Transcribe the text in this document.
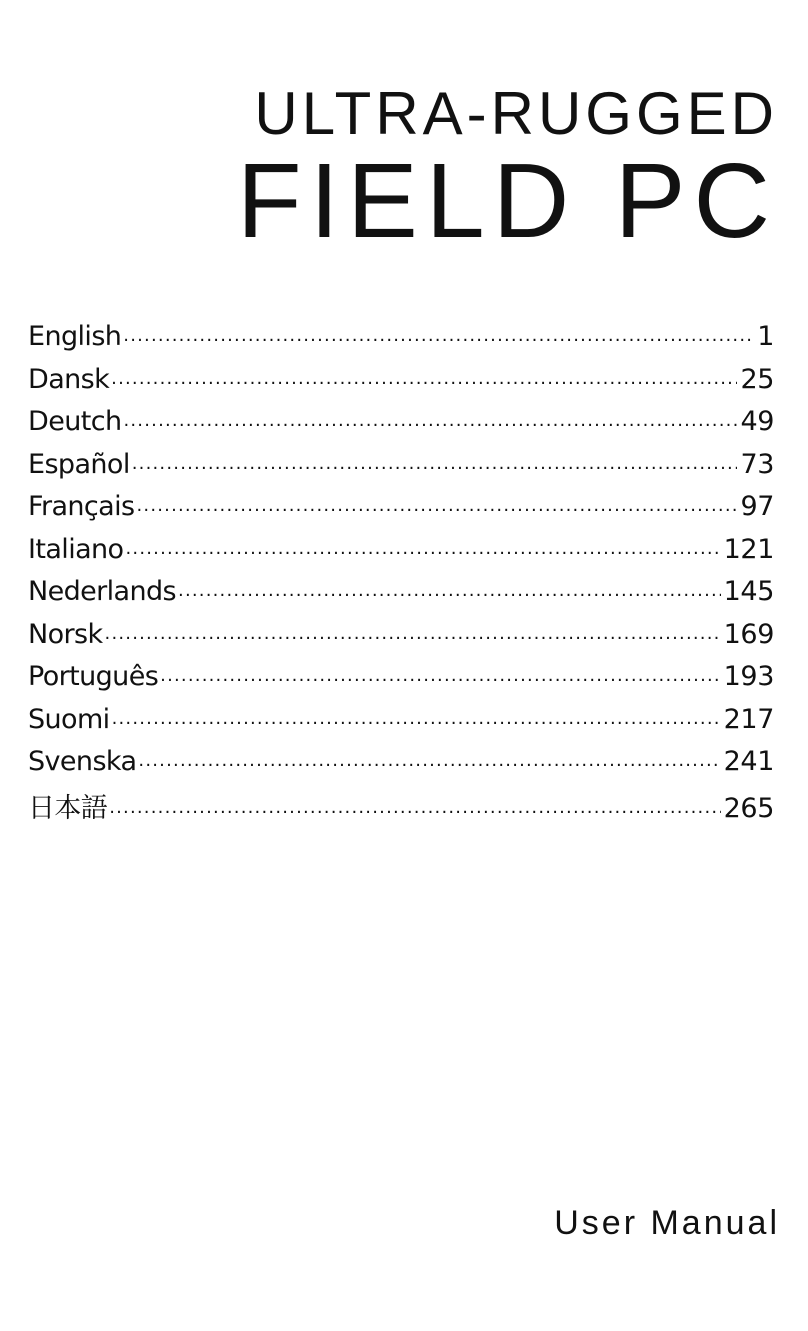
ULTRA-RUGGED
FIELD PC
English .....	1
Dansk .....	25
Deutch .....	49
Español .....	73
Français .....	97
Italiano .....	121
Nederlands .....	145
Norsk .....	169
Português .....	193
Suomi .....	217
Svenska .....	241
日本語 .....	265
User Manual
